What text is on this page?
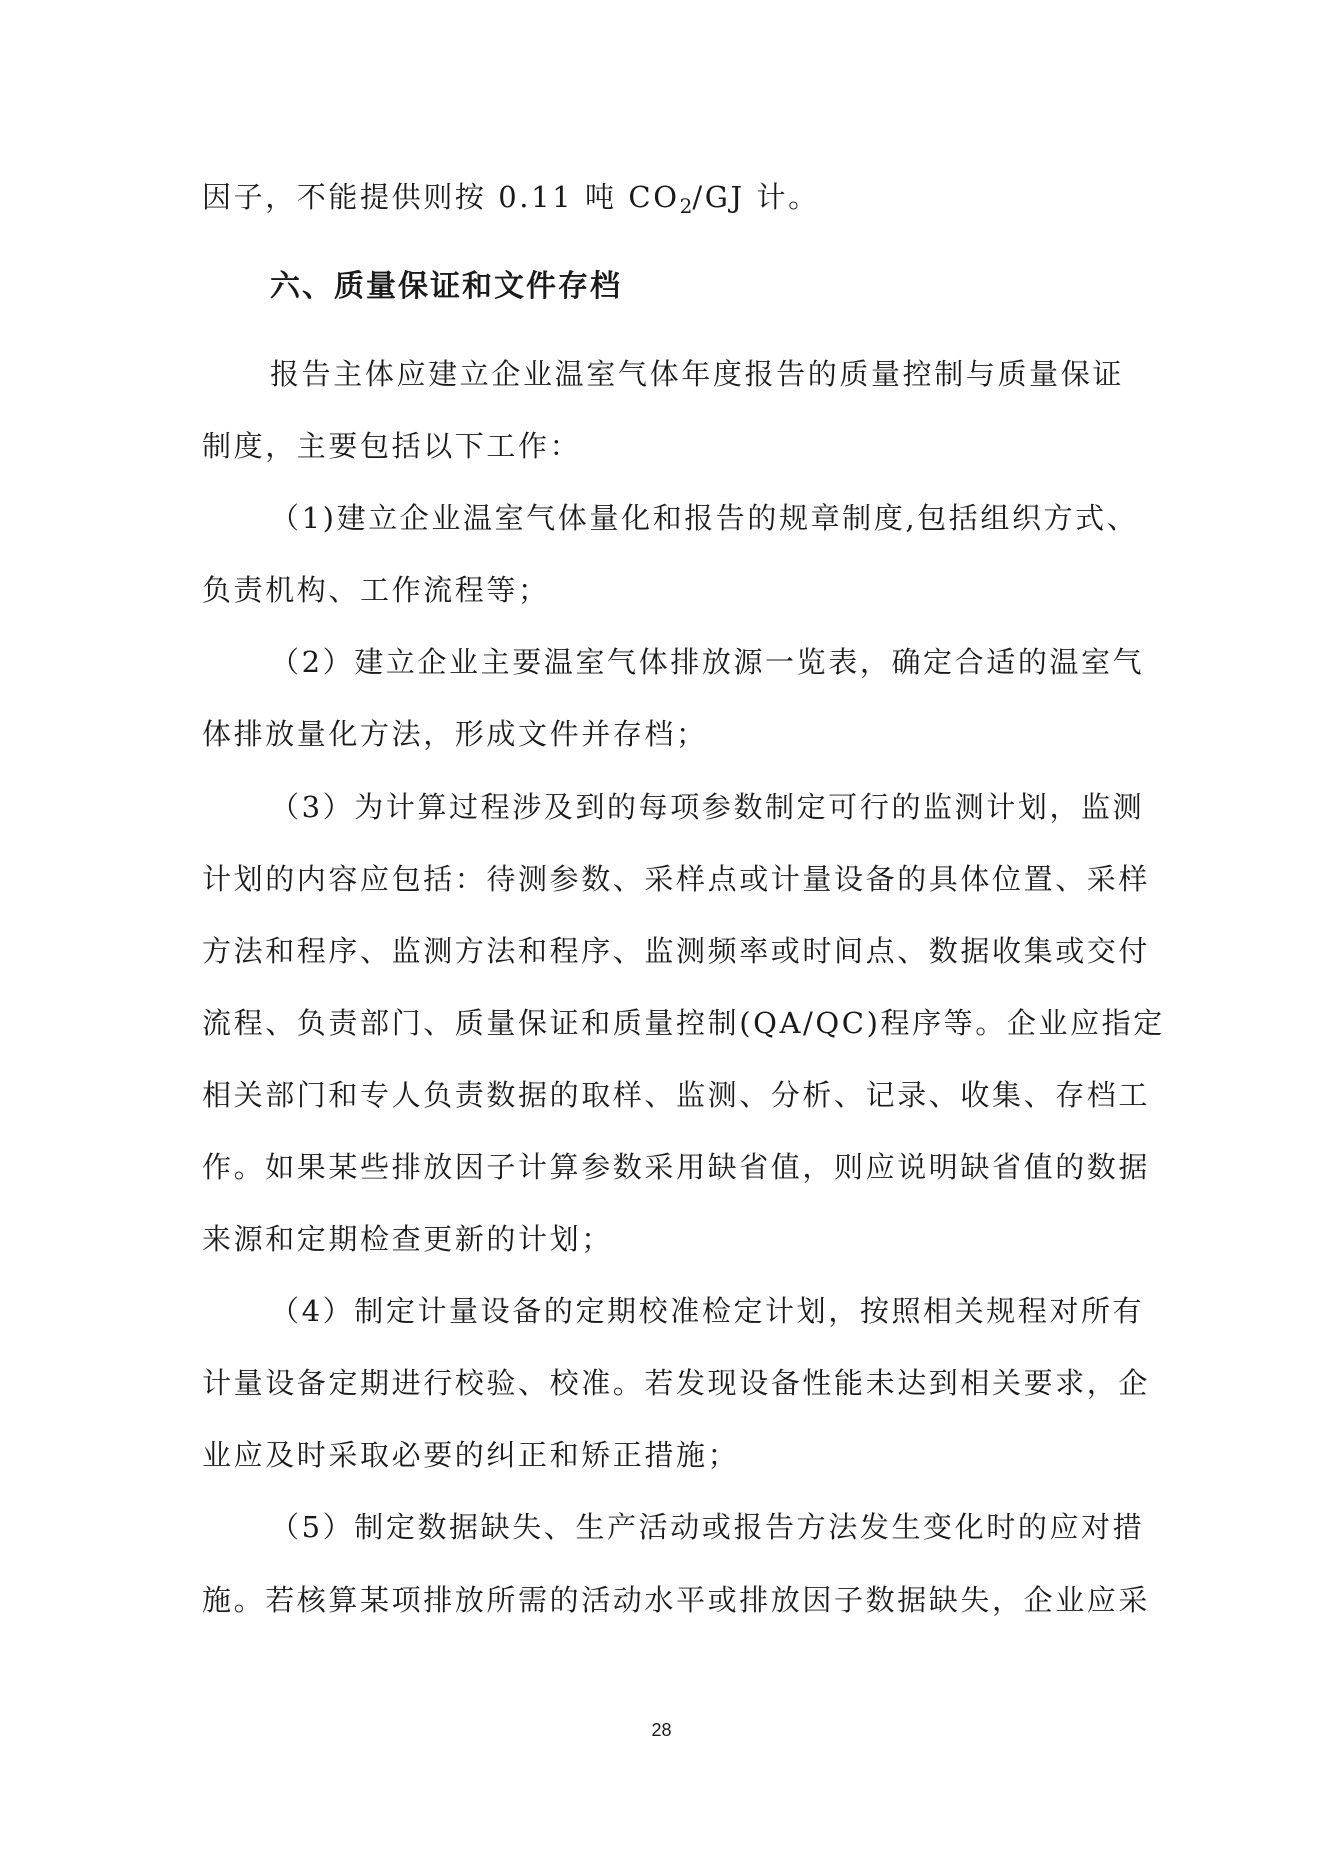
因子，不能提供则按 0.11 吨 $CO_2/GJ$ 计。
六、质量保证和文件存档
报告主体应建立企业温室气体年度报告的质量控制与质量保证
制度，主要包括以下工作：
（1)建立企业温室气体量化和报告的规章制度,包括组织方式、
负责机构、工作流程等；
（2）建立企业主要温室气体排放源一览表，确定合适的温室气
体排放量化方法，形成文件并存档；
（3）为计算过程涉及到的每项参数制定可行的监测计划，监测
计划的内容应包括：待测参数、采样点或计量设备的具体位置、采样
方法和程序、监测方法和程序、监测频率或时间点、数据收集或交付
流程、负责部门、质量保证和质量控制(QA/QC)程序等。企业应指定
相关部门和专人负责数据的取样、监测、分析、记录、收集、存档工
作。如果某些排放因子计算参数采用缺省值，则应说明缺省值的数据
来源和定期检查更新的计划；
（4）制定计量设备的定期校准检定计划，按照相关规程对所有
计量设备定期进行校验、校准。若发现设备性能未达到相关要求，企
业应及时采取必要的纠正和矫正措施；
（5）制定数据缺失、生产活动或报告方法发生变化时的应对措
施。若核算某项排放所需的活动水平或排放因子数据缺失，企业应采
28
